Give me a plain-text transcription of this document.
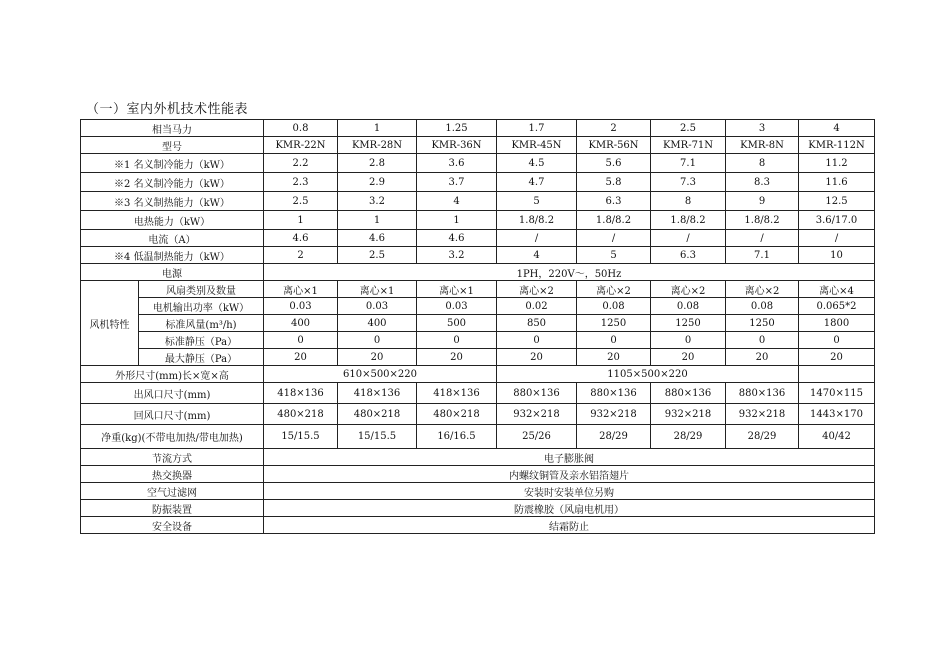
（一）室内外机技术性能表
相当马力		0.8	1	1.25	1.7	2	2.5	3	4
型号		KMR-22N	KMR-28N	KMR-36N	KMR-45N	KMR-56N	KMR-71N	KMR-8N	KMR-112N
※1 名义制冷能力（kW）		2.2	2.8	3.6	4.5	5.6	7.1	8	11.2
※2 名义制冷能力（kW）		2.3	2.9	3.7	4.7	5.8	7.3	8.3	11.6
※3 名义制热能力（kW）		2.5	3.2	4	5	6.3	8	9	12.5
电热能力（kW）		1	1	1	1.8/8.2	1.8/8.2	1.8/8.2	1.8/8.2	3.6/17.0
电流（A）		4.6	4.6	4.6	/	/	/	/	/
※4 低温制热能力（kW）		2	2.5	3.2	4	5	6.3	7.1	10
电源		1PH，220V～，50Hz							
风机特性	风扇类别及数量	离心×1	离心×1	离心×1	离心×2	离心×2	离心×2	离心×2	离心×4
	电机输出功率（kW）	0.03	0.03	0.03	0.02	0.08	0.08	0.08	0.065*2
	标准风量(m³/h)	400	400	500	850	1250	1250	1250	1800
	标准静压（Pa）	0	0	0	0	0	0	0	0
	最大静压（Pa）	20	20	20	20	20	20	20	20
外形尺寸(mm)长×宽×高		610×500×220			1105×500×220				
出风口尺寸(mm)		418×136	418×136	418×136	880×136	880×136	880×136	880×136	1470×115
回风口尺寸(mm)		480×218	480×218	480×218	932×218	932×218	932×218	932×218	1443×170
净重(kg)(不带电加热/带电加热)		15/15.5	15/15.5	16/16.5	25/26	28/29	28/29	28/29	40/42
节流方式		电子膨胀阀							
热交换器		内螺纹铜管及亲水铝箔翅片							
空气过滤网		安装时安装单位另购							
防振装置		防震橡胶（风扇电机用）							
安全设备		结霜防止							
